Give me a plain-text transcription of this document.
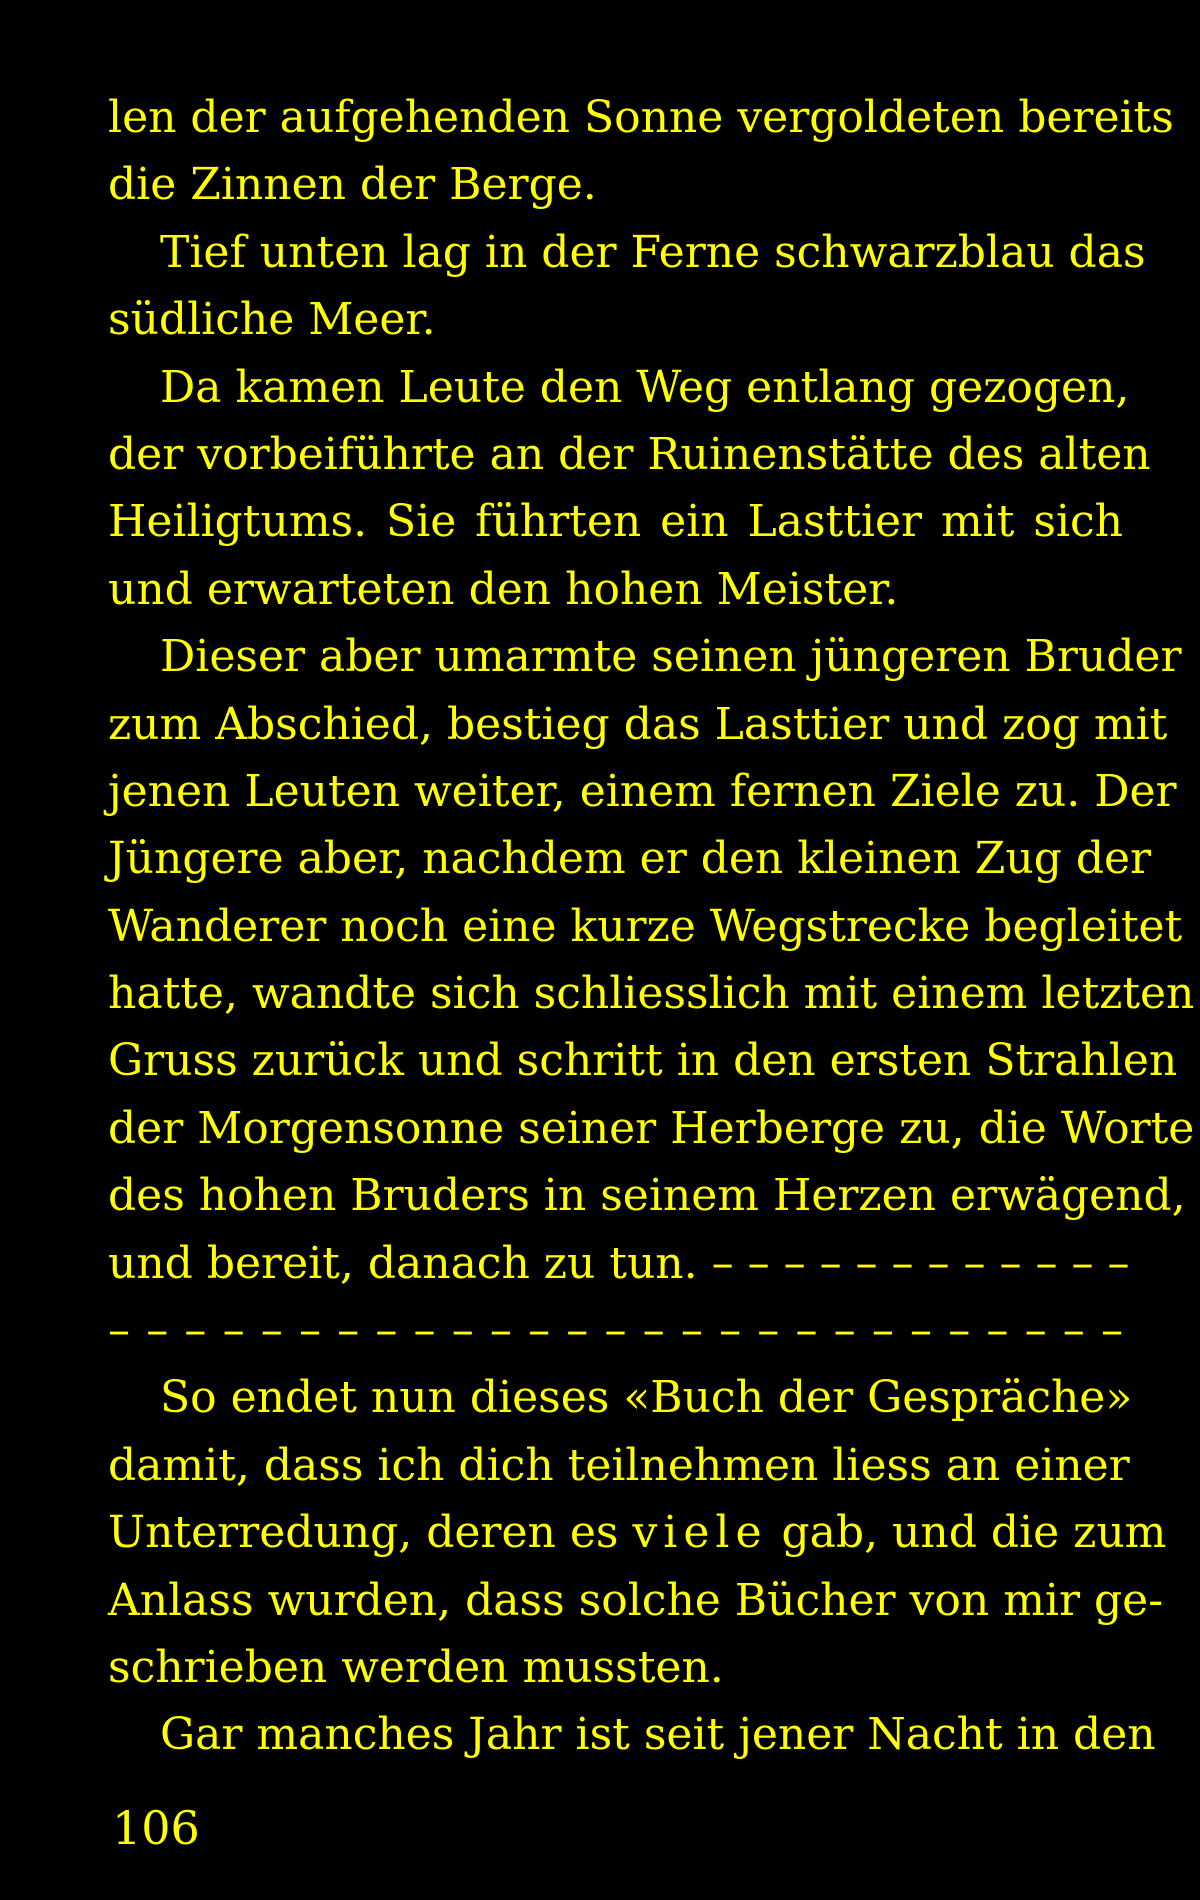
len der aufgehenden Sonne vergoldeten bereits
die Zinnen der Berge.
Tief unten lag in der Ferne schwarzblau das
südliche Meer.
Da kamen Leute den Weg entlang gezogen,
der vorbeiführte an der Ruinenstätte des alten
Heiligtums. Sie führten ein Lasttier mit sich
und erwarteten den hohen Meister.
Dieser aber umarmte seinen jüngeren Bruder
zum Abschied, bestieg das Lasttier und zog mit
jenen Leuten weiter, einem fernen Ziele zu. Der
Jüngere aber, nachdem er den kleinen Zug der
Wanderer noch eine kurze Wegstrecke begleitet
hatte, wandte sich schliesslich mit einem letzten
Gruss zurück und schritt in den ersten Strahlen
der Morgensonne seiner Herberge zu, die Worte
des hohen Bruders in seinem Herzen erwägend,
und bereit, danach zu tun. – – – – – – – – – – – –
– – – – – – – – – – – – – – – – – – – – – – – – – – –
So endet nun dieses «Buch der Gespräche»
damit, dass ich dich teilnehmen liess an einer
Unterredung, deren es viele gab, und die zum
Anlass wurden, dass solche Bücher von mir ge-
schrieben werden mussten.
Gar manches Jahr ist seit jener Nacht in den
106
